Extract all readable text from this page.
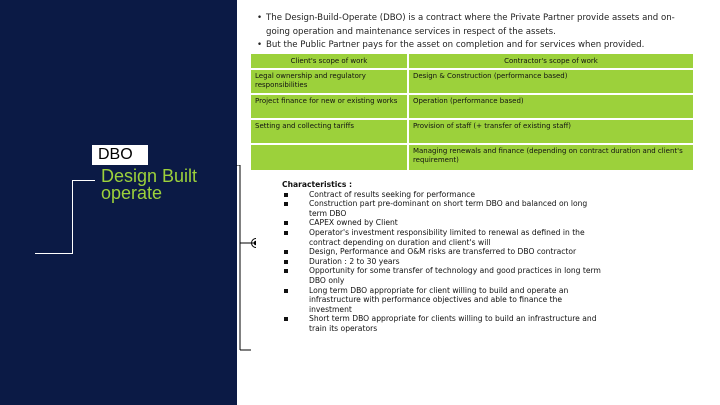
DBO
Design Built operate
• The Design-Build-Operate (DBO) is a contract where the Private Partner provide assets and on-going operation and maintenance services in respect of the assets.
• But the Public Partner pays for the asset on completion and for services when provided.
Client's scope of work	Contractor's scope of work
Legal ownership and regulatory responsibilities	Design & Construction (performance based)
Project finance for new or existing works	Operation (performance based)
Setting and collecting tariffs	Provision of staff (+ transfer of existing staff)
	Managing renewals and finance (depending on contract duration and client's requirement)
Characteristics :
Contract of results seeking for performance
Construction part pre-dominant on short term DBO and balanced on long term DBO
CAPEX owned by Client
Operator's investment responsibility limited to renewal as defined in the contract depending on duration and client's will
Design, Performance and O&M risks are transferred to DBO contractor
Duration : 2 to 30 years
Opportunity for some transfer of technology and good practices in long term DBO only
Long term DBO appropriate for client willing to build and operate an infrastructure with performance objectives and able to finance the investment
Short term DBO appropriate for clients willing to build an infrastructure and train its operators
